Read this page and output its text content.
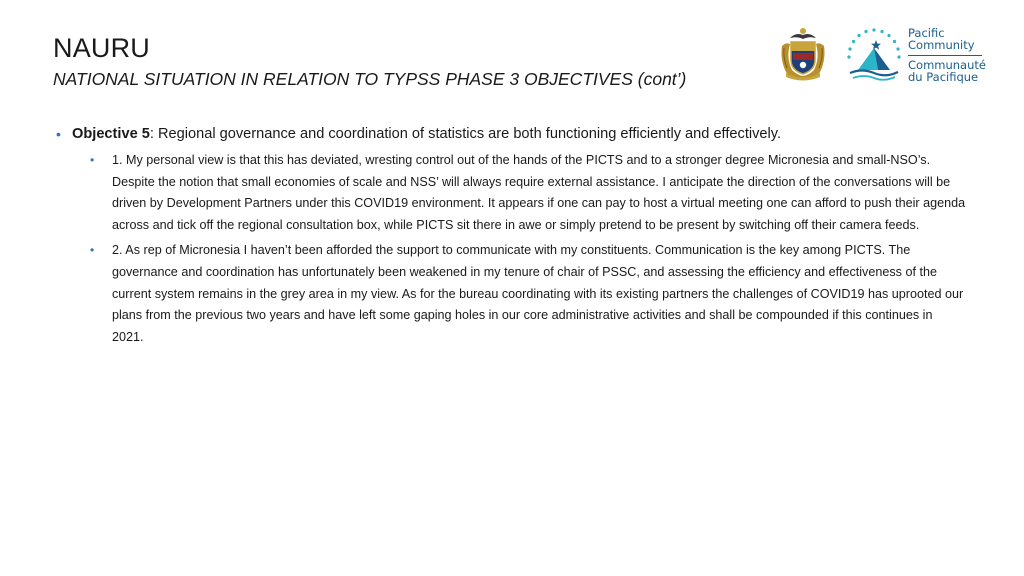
NAURU
NATIONAL SITUATION IN RELATION TO TYPSS PHASE 3 OBJECTIVES (cont’)
Pacific
Community
Communauté
du Pacifique
• Objective 5: Regional governance and coordination of statistics are both functioning efficiently and effectively.
• 1. My personal view is that this has deviated, wresting control out of the hands of the PICTS and to a stronger degree Micronesia and small-NSO’s. Despite the notion that small economies of scale and NSS’ will always require external assistance. I anticipate the direction of the conversations will be driven by Development Partners under this COVID19 environment. It appears if one can pay to host a virtual meeting one can afford to push their agenda across and tick off the regional consultation box, while PICTS sit there in awe or simply pretend to be present by switching off their camera feeds.
• 2. As rep of Micronesia I haven’t been afforded the support to communicate with my constituents. Communication is the key among PICTS. The governance and coordination has unfortunately been weakened in my tenure of chair of PSSC, and assessing the efficiency and effectiveness of the current system remains in the grey area in my view. As for the bureau coordinating with its existing partners the challenges of COVID19 has uprooted our plans from the previous two years and have left some gaping holes in our core administrative activities and shall be compounded if this continues in 2021.
